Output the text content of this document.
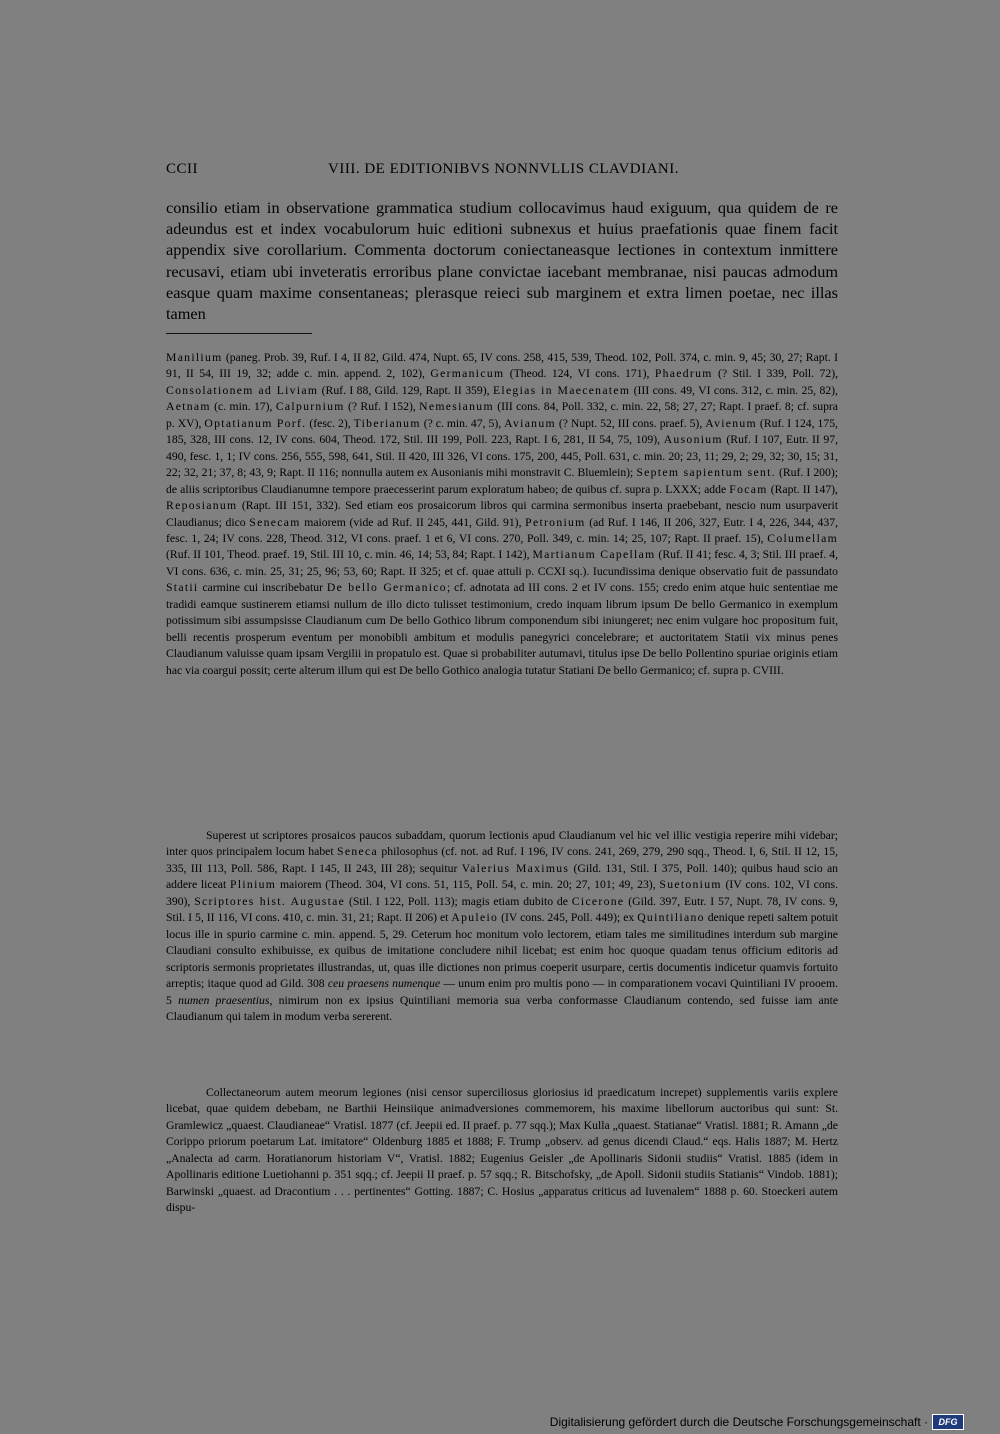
CCII	VIII. DE EDITIONIBVS NONNVLLIS CLAVDIANI.

consilio etiam in observatione grammatica studium collocavimus haud exiguum, qua quidem de re adeundus est et index vocabulorum huic editioni subnexus et huius praefationis quae finem facit appendix sive corollarium. Commenta doctorum coniectaneasque lectiones in contextum inmittere recusavi, etiam ubi inveteratis erroribus plane convictae iacebant membranae, nisi paucas admodum easque quam maxime consentaneas; plerasque reieci sub marginem et extra limen poetae, nec illas tamen

Manilium (paneg. Prob. 39, Ruf. I 4, II 82, Gild. 474, Nupt. 65, IV cons. 258, 415, 539, Theod. 102, Poll. 374, c. min. 9, 45; 30, 27; Rapt. I 91, II 54, III 19, 32; adde c. min. append. 2, 102), Germanicum (Theod. 124, VI cons. 171), Phaedrum (? Stil. I 339, Poll. 72), Consolationem ad Liviam (Ruf. I 88, Gild. 129, Rapt. II 359), Elegias in Maecenatem (III cons. 49, VI cons. 312, c. min. 25, 82), Aetnam (c. min. 17), Calpurnium (? Ruf. I 152), Nemesianum (III cons. 84, Poll. 332, c. min. 22, 58; 27, 27; Rapt. I praef. 8; cf. supra p. XV), Optatianum Porf. (fesc. 2), Tiberianum (? c. min. 47, 5), Avianum (? Nupt. 52, III cons. praef. 5), Avienum (Ruf. I 124, 175, 185, 328, III cons. 12, IV cons. 604, Theod. 172, Stil. III 199, Poll. 223, Rapt. I 6, 281, II 54, 75, 109), Ausonium (Ruf. I 107, Eutr. II 97, 490, fesc. 1, 1; IV cons. 256, 555, 598, 641, Stil. II 420, III 326, VI cons. 175, 200, 445, Poll. 631, c. min. 20; 23, 11; 29, 2; 29, 32; 30, 15; 31, 22; 32, 21; 37, 8; 43, 9; Rapt. II 116; nonnulla autem ex Ausonianis mihi monstravit C. Bluemlein); Septem sapientum sent. (Ruf. I 200); de aliis scriptoribus Claudianumne tempore praecesserint parum exploratum habeo; de quibus cf. supra p. LXXX; adde Focam (Rapt. II 147), Reposianum (Rapt. III 151, 332). Sed etiam eos prosaicorum libros qui carmina sermonibus inserta praebebant, nescio num usurpaverit Claudianus; dico Senecam maiorem (vide ad Ruf. II 245, 441, Gild. 91), Petronium (ad Ruf. I 146, II 206, 327, Eutr. I 4, 226, 344, 437, fesc. 1, 24; IV cons. 228, Theod. 312, VI cons. praef. 1 et 6, VI cons. 270, Poll. 349, c. min. 14; 25, 107; Rapt. II praef. 15), Columellam (Ruf. II 101, Theod. praef. 19, Stil. III 10, c. min. 46, 14; 53, 84; Rapt. I 142), Martianum Capellam (Ruf. II 41; fesc. 4, 3; Stil. III praef. 4, VI cons. 636, c. min. 25, 31; 25, 96; 53, 60; Rapt. II 325; et cf. quae attuli p. CCXI sq.). Iucundissima denique observatio fuit de passundato Statii carmine cui inscribebatur De bello Germanico; cf. adnotata ad III cons. 2 et IV cons. 155; credo enim atque huic sententiae me tradidi eamque sustinerem etiamsi nullum de illo dicto tulisset testimonium, credo inquam librum ipsum De bello Germanico in exemplum potissimum sibi assumpsisse Claudianum cum De bello Gothico librum componendum sibi iniungeret; nec enim vulgare hoc propositum fuit, belli recentis prosperum eventum per monobibli ambitum et modulis panegyrici concelebrare; et auctoritatem Statii vix minus penes Claudianum valuisse quam ipsam Vergilii in propatulo est. Quae si probabiliter autumavi, titulus ipse De bello Pollentino spuriae originis etiam hac via coargui possit; certe alterum illum qui est De bello Gothico analogia tutatur Statiani De bello Germanico; cf. supra p. CVIII.

Superest ut scriptores prosaicos paucos subaddam, quorum lectionis apud Claudianum vel hic vel illic vestigia reperire mihi videbar; inter quos principalem locum habet Seneca philosophus (cf. not. ad Ruf. I 196, IV cons. 241, 269, 279, 290 sqq., Theod. I, 6, Stil. II 12, 15, 335, III 113, Poll. 586, Rapt. I 145, II 243, III 28); sequitur Valerius Maximus (Gild. 131, Stil. I 375, Poll. 140); quibus haud scio an addere liceat Plinium maiorem (Theod. 304, VI cons. 51, 115, Poll. 54, c. min. 20; 27, 101; 49, 23), Suetonium (IV cons. 102, VI cons. 390), Scriptores hist. Augustae (Stil. I 122, Poll. 113); magis etiam dubito de Cicerone (Gild. 397, Eutr. I 57, Nupt. 78, IV cons. 9, Stil. I 5, II 116, VI cons. 410, c. min. 31, 21; Rapt. II 206) et Apuleio (IV cons. 245, Poll. 449); ex Quintiliano denique repeti saltem potuit locus ille in spurio carmine c. min. append. 5, 29. Ceterum hoc monitum volo lectorem, etiam tales me similitudines interdum sub margine Claudiani consulto exhibuisse, ex quibus de imitatione concludere nihil licebat; est enim hoc quoque quadam tenus officium editoris ad scriptoris sermonis proprietates illustrandas, ut, quas ille dictiones non primus coeperit usurpare, certis documentis indicetur quamvis fortuito arreptis; itaque quod ad Gild. 308 ceu praesens numenque — unum enim pro multis pono — in comparationem vocavi Quintiliani IV prooem. 5 numen praesentius, nimirum non ex ipsius Quintiliani memoria sua verba conformasse Claudianum contendo, sed fuisse iam ante Claudianum qui talem in modum verba sererent.

Collectaneorum autem meorum legiones (nisi censor superciliosus gloriosius id praedicatum increpet) supplementis variis explere licebat, quae quidem debebam, ne Barthii Heinsiique animadversiones commemorem, his maxime libellorum auctoribus qui sunt: St. Gramlewicz „quaest. Claudianeae“ Vratisl. 1877 (cf. Jeepii ed. II praef. p. 77 sqq.); Max Kulla „quaest. Statianae“ Vratisl. 1881; R. Amann „de Corippo priorum poetarum Lat. imitatore“ Oldenburg 1885 et 1888; F. Trump „observ. ad genus dicendi Claud.“ eqs. Halis 1887; M. Hertz „Analecta ad carm. Horatianorum historiam V“, Vratisl. 1882; Eugenius Geisler „de Apollinaris Sidonii studiis“ Vratisl. 1885 (idem in Apollinaris editione Luetiohanni p. 351 sqq.; cf. Jeepii II praef. p. 57 sqq.; R. Bitschofsky, „de Apoll. Sidonii studiis Statianis“ Vindob. 1881); Barwinski „quaest. ad Dracontium . . . pertinentes“ Gotting. 1887; C. Hosius „apparatus criticus ad Iuvenalem“ 1888 p. 60. Stoeckeri autem dispu-

Digitalisierung gefördert durch die Deutsche Forschungsgemeinschaft ·	DFG
